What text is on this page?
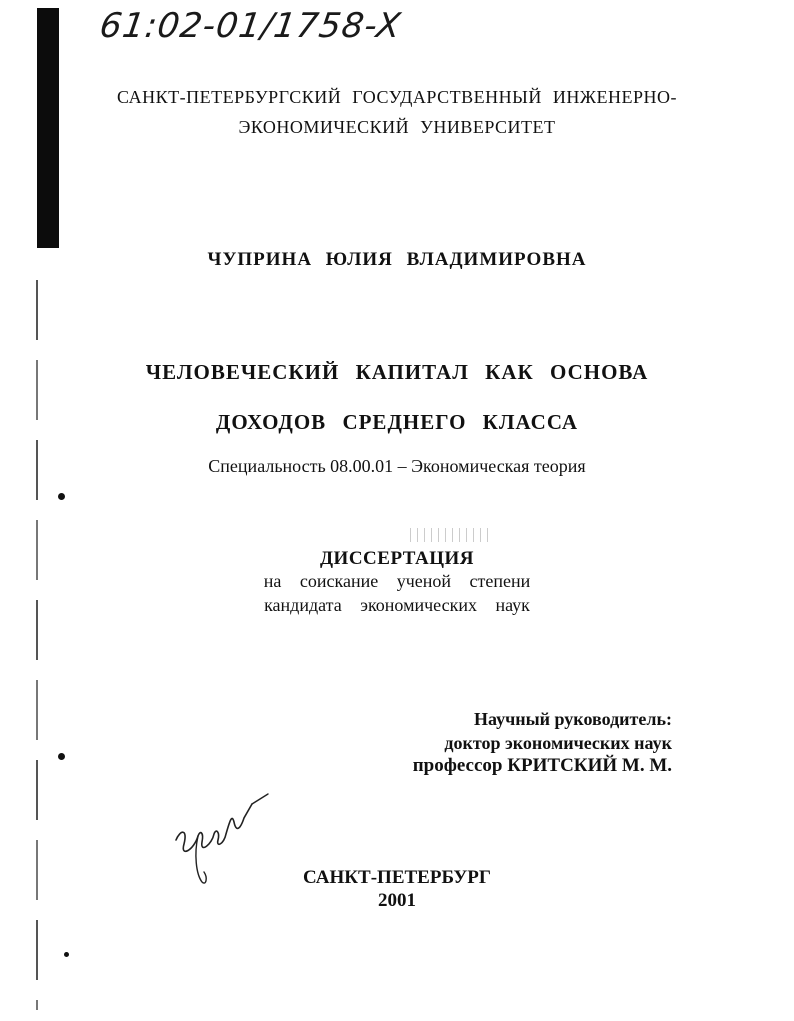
61:02-01/1758-X
САНКТ-ПЕТЕРБУРГСКИЙ ГОСУДАРСТВЕННЫЙ ИНЖЕНЕРНО-
ЭКОНОМИЧЕСКИЙ УНИВЕРСИТЕТ
ЧУПРИНА ЮЛИЯ ВЛАДИМИРОВНА
ЧЕЛОВЕЧЕСКИЙ КАПИТАЛ КАК ОСНОВА
ДОХОДОВ СРЕДНЕГО КЛАССА
Специальность 08.00.01 – Экономическая теория
ДИССЕРТАЦИЯ
на соискание ученой степени
кандидата экономических наук
Научный руководитель:
доктор экономических наук
профессор КРИТСКИЙ М. М.
САНКТ-ПЕТЕРБУРГ
2001
